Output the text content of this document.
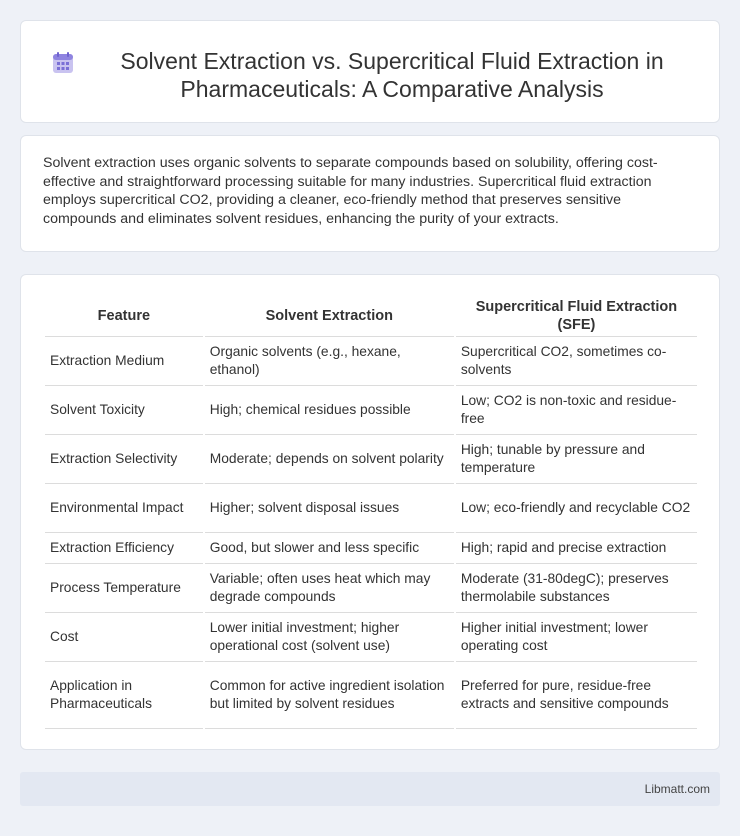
Solvent Extraction vs. Supercritical Fluid Extraction in Pharmaceuticals: A Comparative Analysis

Solvent extraction uses organic solvents to separate compounds based on solubility, offering cost-effective and straightforward processing suitable for many industries. Supercritical fluid extraction employs supercritical CO2, providing a cleaner, eco-friendly method that preserves sensitive compounds and eliminates solvent residues, enhancing the purity of your extracts.

Feature	Solvent Extraction	Supercritical Fluid Extraction (SFE)
Extraction Medium	Organic solvents (e.g., hexane, ethanol)	Supercritical CO2, sometimes co-solvents
Solvent Toxicity	High; chemical residues possible	Low; CO2 is non-toxic and residue-free
Extraction Selectivity	Moderate; depends on solvent polarity	High; tunable by pressure and temperature
Environmental Impact	Higher; solvent disposal issues	Low; eco-friendly and recyclable CO2
Extraction Efficiency	Good, but slower and less specific	High; rapid and precise extraction
Process Temperature	Variable; often uses heat which may degrade compounds	Moderate (31-80degC); preserves thermolabile substances
Cost	Lower initial investment; higher operational cost (solvent use)	Higher initial investment; lower operating cost
Application in Pharmaceuticals	Common for active ingredient isolation but limited by solvent residues	Preferred for pure, residue-free extracts and sensitive compounds
Libmatt.com
